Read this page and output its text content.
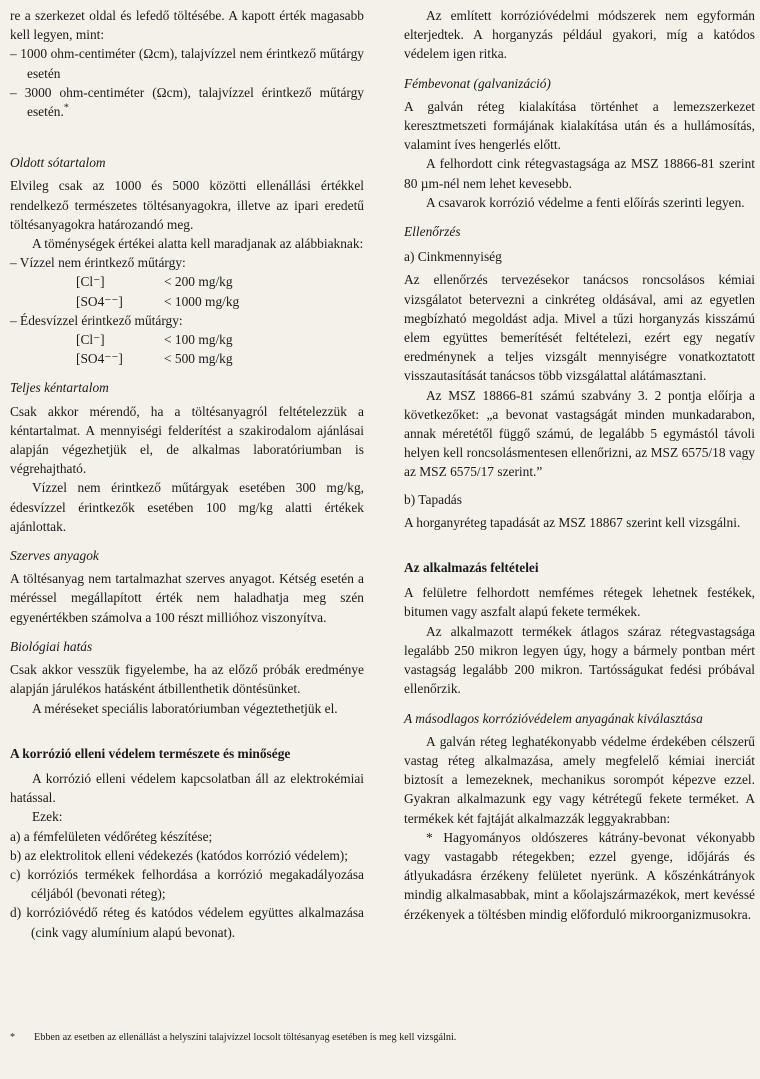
re a szerkezet oldal és lefedő töltésébe. A kapott érték magasabb kell legyen, mint:

– 1000 ohm-centiméter (Ωcm), talajvízzel nem érintkező műtárgy esetén

– 3000 ohm-centiméter (Ωcm), talajvízzel érintkező műtárgy esetén.*

Oldott sótartalom

Elvileg csak az 1000 és 5000 közötti ellenállási értékkel rendelkező természetes töltésanyagokra, illetve az ipari eredetű töltésanyagokra határozandó meg.

A töménységek értékei alatta kell maradjanak az alábbiaknak:

– Vízzel nem érintkező műtárgy:

[Cl⁻]	< 200 mg/kg
[SO4⁻⁻]	< 1000 mg/kg

– Édesvízzel érintkező műtárgy:

[Cl⁻]	< 100 mg/kg
[SO4⁻⁻]	< 500 mg/kg

Teljes kéntartalom

Csak akkor mérendő, ha a töltésanyagról feltételezzük a kéntartalmat. A mennyiségi felderítést a szakirodalom ajánlásai alapján végezhetjük el, de alkalmas laboratóriumban is végrehajtható.

Vízzel nem érintkező műtárgyak esetében 300 mg/kg, édesvízzel érintkezők esetében 100 mg/kg alatti értékek ajánlottak.

Szerves anyagok

A töltésanyag nem tartalmazhat szerves anyagot. Kétség esetén a méréssel megállapított érték nem haladhatja meg szén egyenértékben számolva a 100 részt millióhoz viszonyítva.

Biológiai hatás

Csak akkor vesszük figyelembe, ha az előző próbák eredménye alapján járulékos hatásként átbillenthetik döntésünket.

A méréseket speciális laboratóriumban végeztethetjük el.

A korrózió elleni védelem természete és minősége

A korrózió elleni védelem kapcsolatban áll az elektrokémiai hatással.

Ezek:

a) a fémfelületen védőréteg készítése;

b) az elektrolitok elleni védekezés (katódos korrózió védelem);

c) korróziós termékek felhordása a korrózió megakadályozása céljából (bevonati réteg);

d) korrózióvédő réteg és katódos védelem együttes alkalmazása (cink vagy alumínium alapú bevonat).

Az említett korrózióvédelmi módszerek nem egyformán elterjedtek. A horganyzás például gyakori, míg a katódos védelem igen ritka.

Fémbevonat (galvanizáció)

A galván réteg kialakítása történhet a lemezszerkezet keresztmetszeti formájának kialakítása után és a hullámosítás, valamint íves hengerlés előtt.

A felhordott cink rétegvastagsága az MSZ 18866-81 szerint 80 µm-nél nem lehet kevesebb.

A csavarok korrózió védelme a fenti előírás szerinti legyen.

Ellenőrzés

a) Cinkmennyiség

Az ellenőrzés tervezésekor tanácsos roncsolásos kémiai vizsgálatot betervezni a cinkréteg oldásával, ami az egyetlen megbízható megoldást adja. Mivel a tűzi horganyzás kisszámú elem együttes bemerítését feltételezi, ezért egy negatív eredménynek a teljes vizsgált mennyiségre vonatkoztatott visszautasítását tanácsos több vizsgálattal alátámasztani.

Az MSZ 18866-81 számú szabvány 3. 2 pontja előírja a következőket: „a bevonat vastagságát minden munkadarabon, annak méretétől függő számú, de legalább 5 egymástól távoli helyen kell roncsolásmentesen ellenőrizni, az MSZ 6575/18 vagy az MSZ 6575/17 szerint.”

b) Tapadás

A horganyréteg tapadását az MSZ 18867 szerint kell vizsgálni.

Az alkalmazás feltételei

A felületre felhordott nemfémes rétegek lehetnek festékek, bitumen vagy aszfalt alapú fekete termékek.

Az alkalmazott termékek átlagos száraz rétegvastagsága legalább 250 mikron legyen úgy, hogy a bármely pontban mért vastagság legalább 200 mikron. Tartósságukat fedési próbával ellenőrzik.

A másodlagos korrózióvédelem anyagának kiválasztása

A galván réteg leghatékonyabb védelme érdekében célszerű vastag réteg alkalmazása, amely megfelelő kémiai inerciát biztosít a lemezeknek, mechanikus sorompót képezve ezzel. Gyakran alkalmazunk egy vagy kétrétegű fekete terméket. A termékek két fajtáját alkalmazzák leggyakrabban:

* Hagyományos oldószeres kátrány-bevonat vékonyabb vagy vastagabb rétegekben; ezzel gyenge, időjárás és átlyukadásra érzékeny felületet nyerünk. A kőszénkátrányok mindig alkalmasabbak, mint a kőolajszármazékok, mert kevéssé érzékenyek a töltésben mindig előforduló mikroorganizmusokra.

* Ebben az esetben az ellenállást a helyszíni talajvízzel locsolt töltésanyag esetében is meg kell vizsgálni.
